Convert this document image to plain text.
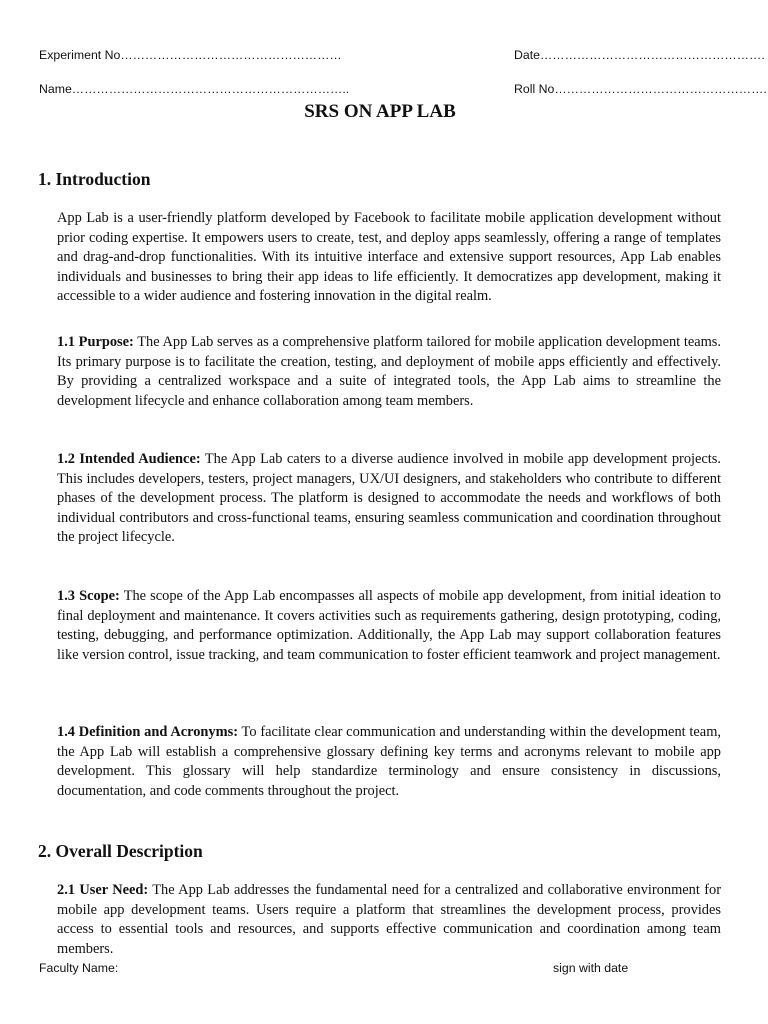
Experiment No………………………………………………	Date……………………………………………….
Name…………………………………………………………..	Roll No…………………………………………….
SRS ON APP LAB
1. Introduction
App Lab is a user-friendly platform developed by Facebook to facilitate mobile application development without prior coding expertise. It empowers users to create, test, and deploy apps seamlessly, offering a range of templates and drag-and-drop functionalities. With its intuitive interface and extensive support resources, App Lab enables individuals and businesses to bring their app ideas to life efficiently. It democratizes app development, making it accessible to a wider audience and fostering innovation in the digital realm.
1.1 Purpose: The App Lab serves as a comprehensive platform tailored for mobile application development teams. Its primary purpose is to facilitate the creation, testing, and deployment of mobile apps efficiently and effectively. By providing a centralized workspace and a suite of integrated tools, the App Lab aims to streamline the development lifecycle and enhance collaboration among team members.
1.2 Intended Audience: The App Lab caters to a diverse audience involved in mobile app development projects. This includes developers, testers, project managers, UX/UI designers, and stakeholders who contribute to different phases of the development process. The platform is designed to accommodate the needs and workflows of both individual contributors and cross-functional teams, ensuring seamless communication and coordination throughout the project lifecycle.
1.3 Scope: The scope of the App Lab encompasses all aspects of mobile app development, from initial ideation to final deployment and maintenance. It covers activities such as requirements gathering, design prototyping, coding, testing, debugging, and performance optimization. Additionally, the App Lab may support collaboration features like version control, issue tracking, and team communication to foster efficient teamwork and project management.
1.4 Definition and Acronyms: To facilitate clear communication and understanding within the development team, the App Lab will establish a comprehensive glossary defining key terms and acronyms relevant to mobile app development. This glossary will help standardize terminology and ensure consistency in discussions, documentation, and code comments throughout the project.
2. Overall Description
2.1 User Need: The App Lab addresses the fundamental need for a centralized and collaborative environment for mobile app development teams. Users require a platform that streamlines the development process, provides access to essential tools and resources, and supports effective communication and coordination among team members.
Faculty Name:	sign with date
